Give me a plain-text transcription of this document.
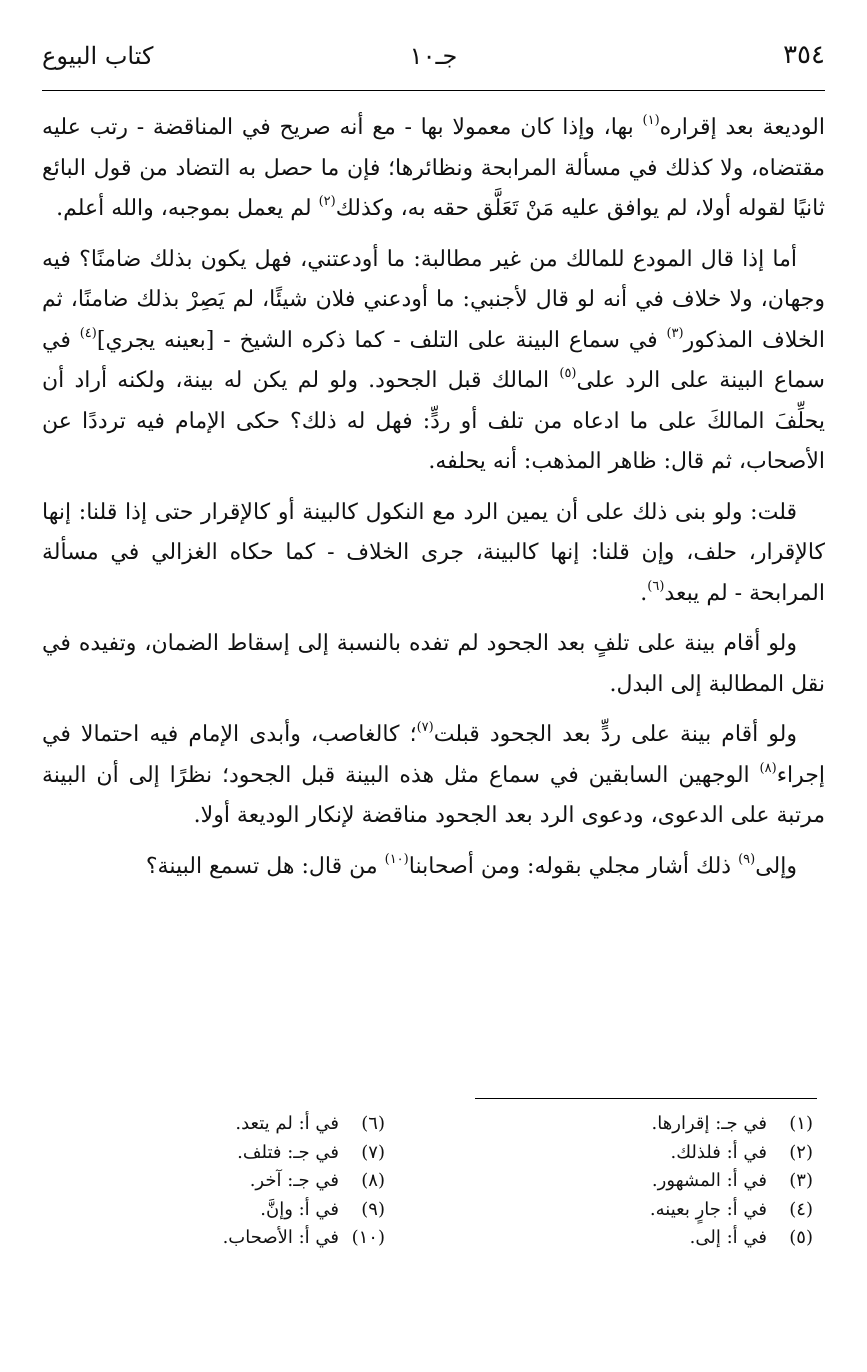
٣٥٤
جـ١٠
كتاب البيوع

الوديعة بعد إقراره$^{(١)}$ بها، وإذا كان معمولا بها - مع أنه صريح في المناقضة - رتب عليه مقتضاه، ولا كذلك في مسألة المرابحة ونظائرها؛ فإن ما حصل به التضاد من قول البائع ثانيًا لقوله أولا، لم يوافق عليه مَنْ تَعَلَّق حقه به، وكذلك$^{(٢)}$ لم يعمل بموجبه، والله أعلم.

أما إذا قال المودع للمالك من غير مطالبة: ما أودعتني، فهل يكون بذلك ضامنًا؟ فيه وجهان، ولا خلاف في أنه لو قال لأجنبي: ما أودعني فلان شيئًا، لم يَصِرْ بذلك ضامنًا، ثم الخلاف المذكور$^{(٣)}$ في سماع البينة على التلف - كما ذكره الشيخ - [بعينه يجري]$^{(٤)}$ في سماع البينة على الرد على$^{(٥)}$ المالك قبل الجحود. ولو لم يكن له بينة، ولكنه أراد أن يحلِّفَ المالكَ على ما ادعاه من تلف أو ردٍّ: فهل له ذلك؟ حكى الإمام فيه ترددًا عن الأصحاب، ثم قال: ظاهر المذهب: أنه يحلفه.

قلت: ولو بنى ذلك على أن يمين الرد مع النكول كالبينة أو كالإقرار حتى إذا قلنا: إنها كالإقرار، حلف، وإن قلنا: إنها كالبينة، جرى الخلاف - كما حكاه الغزالي في مسألة المرابحة - لم يبعد$^{(٦)}$.

ولو أقام بينة على تلفٍ بعد الجحود لم تفده بالنسبة إلى إسقاط الضمان، وتفيده في نقل المطالبة إلى البدل.

ولو أقام بينة على ردٍّ بعد الجحود قبلت$^{(٧)}$؛ كالغاصب، وأبدى الإمام فيه احتمالا في إجراء$^{(٨)}$ الوجهين السابقين في سماع مثل هذه البينة قبل الجحود؛ نظرًا إلى أن البينة مرتبة على الدعوى، ودعوى الرد بعد الجحود مناقضة لإنكار الوديعة أولا.

وإلى$^{(٩)}$ ذلك أشار مجلي بقوله: ومن أصحابنا$^{(١٠)}$ من قال: هل تسمع البينة؟

(١)في جـ: إقرارها.
(٢)في أ: فلذلك.
(٣)في أ: المشهور.
(٤)في أ: جارٍ بعينه.
(٥)في أ: إلى.
(٦)في أ: لم يتعد.
(٧)في جـ: فتلف.
(٨)في جـ: آخر.
(٩)في أ: وإنَّ.
(١٠)في أ: الأصحاب.
